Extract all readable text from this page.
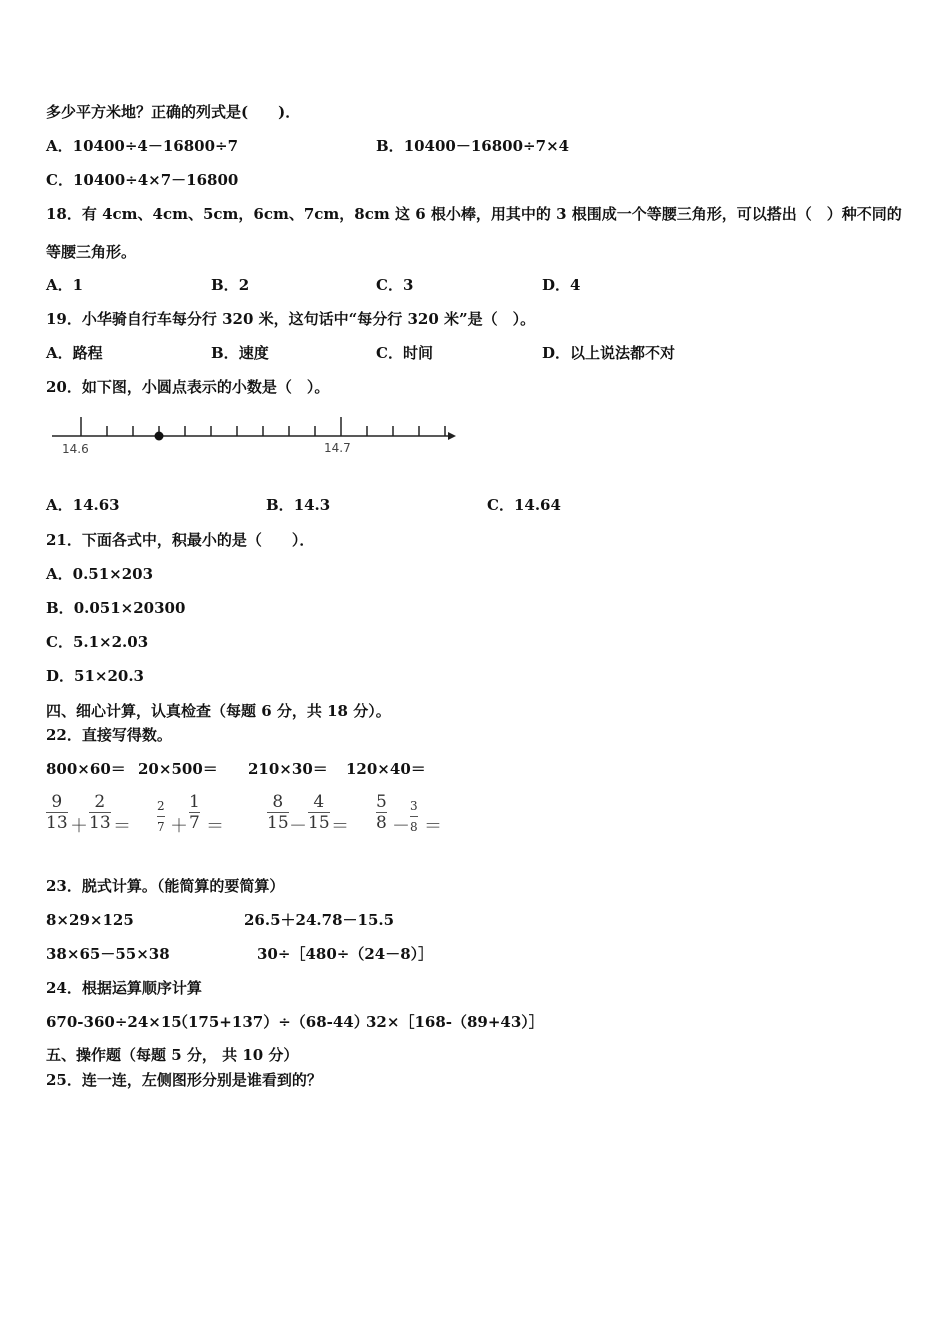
多少平方米地？正确的列式是(　　)．
A．10400÷4－16800÷7	B．10400－16800÷7×4
C．10400÷4×7－16800
18．有 4cm、4cm、5cm，6cm、7cm，8cm 这 6 根小棒，用其中的 3 根围成一个等腰三角形，可以搭出（　）种不同的
等腰三角形。
A．1	B．2	C．3	D．4
19．小华骑自行车每分行 320 米，这句话中“每分行 320 米”是（　）。
A．路程	B．速度	C．时间	D．以上说法都不对
20．如下图，小圆点表示的小数是（　）。
14.6	14.7
A．14.63	B．14.3	C．14.64
21．下面各式中，积最小的是（　　）．
A．0.51×203
B．0.051×20300
C．5.1×2.03
D．51×20.3
四、细心计算，认真检查（每题 6 分，共 18 分）。
22．直接写得数。
800×60＝ 20×500＝ 210×30＝ 120×40＝
9
13 ＋
2
13 ＝
2
7 ＋
1
7 ＝
8
15 －
4
15 ＝
5
8 －
3
8 ＝
23．脱式计算。（能简算的要简算）
8×29×125	26.5＋24.78－15.5
38×65－55×38	30÷［480÷（24－8）］
24．根据运算顺序计算
670-360÷24×15
（175+137）÷（68-44）
32×［168-（89+43）］
五、操作题（每题 5 分， 共 10 分）
25．连一连，左侧图形分别是谁看到的？
